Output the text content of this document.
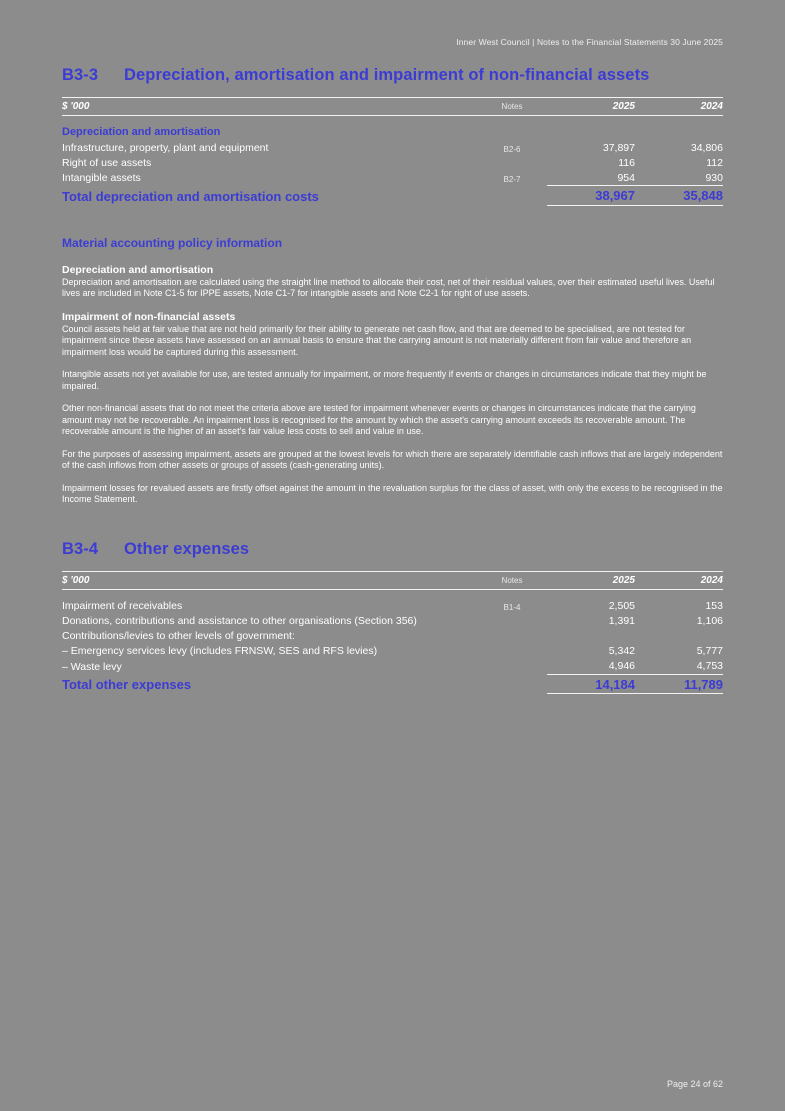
Inner West Council | Notes to the Financial Statements 30 June 2025
B3-3 Depreciation, amortisation and impairment of non-financial assets
$ '000	Notes	2025	2024
Depreciation and amortisation			
Infrastructure, property, plant and equipment	B2-6	37,897	34,806
Right of use assets		116	112
Intangible assets	B2-7	954	930
Total depreciation and amortisation costs		38,967	35,848
Material accounting policy information
Depreciation and amortisation

Depreciation and amortisation are calculated using the straight line method to allocate their cost, net of their residual values, over their estimated useful lives. Useful lives are included in Note C1-5 for IPPE assets, Note C1-7 for intangible assets and Note C2-1 for right of use assets.

Impairment of non-financial assets

Council assets held at fair value that are not held primarily for their ability to generate net cash flow, and that are deemed to be specialised, are not tested for impairment since these assets have assessed on an annual basis to ensure that the carrying amount is not materially different from fair value and therefore an impairment loss would be captured during this assessment.

Intangible assets not yet available for use, are tested annually for impairment, or more frequently if events or changes in circumstances indicate that they might be impaired.

Other non-financial assets that do not meet the criteria above are tested for impairment whenever events or changes in circumstances indicate that the carrying amount may not be recoverable. An impairment loss is recognised for the amount by which the asset's carrying amount exceeds its recoverable amount. The recoverable amount is the higher of an asset's fair value less costs to sell and value in use.

For the purposes of assessing impairment, assets are grouped at the lowest levels for which there are separately identifiable cash inflows that are largely independent of the cash inflows from other assets or groups of assets (cash-generating units).

Impairment losses for revalued assets are firstly offset against the amount in the revaluation surplus for the class of asset, with only the excess to be recognised in the Income Statement.

B3-4 Other expenses
$ '000	Notes	2025	2024

Impairment of receivables	B1-4	2,505	153
Donations, contributions and assistance to other organisations (Section 356)		1,391	1,106
Contributions/levies to other levels of government:			
– Emergency services levy (includes FRNSW, SES and RFS levies)		5,342	5,777
– Waste levy		4,946	4,753
Total other expenses		14,184	11,789
Page 24 of 62
